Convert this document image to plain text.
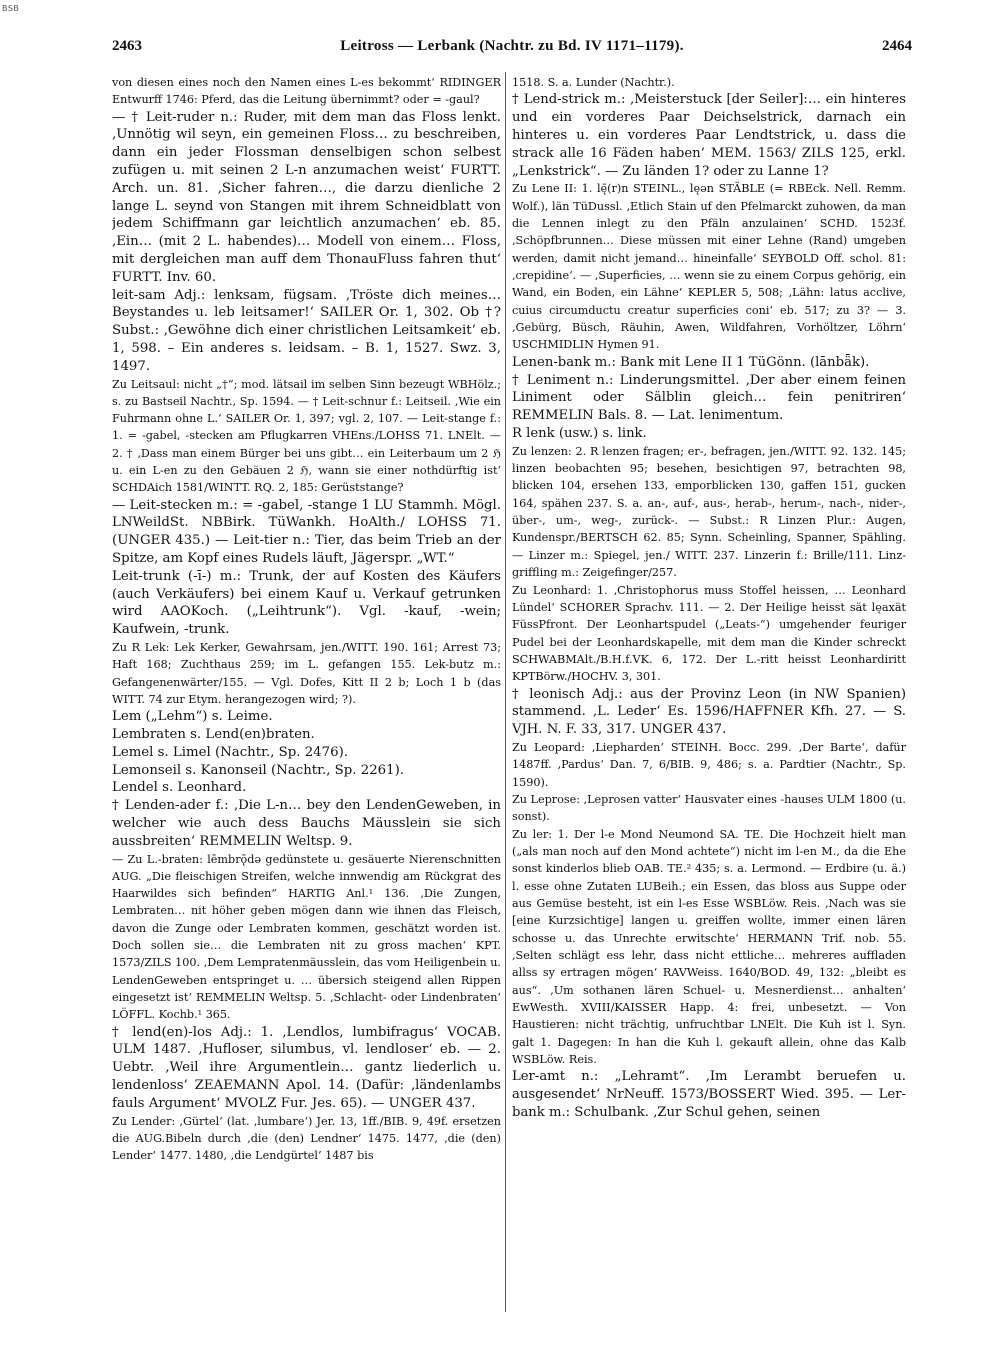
BSB
2463	Leitross — Lerbank (Nachtr. zu Bd. IV 1171–1179).	2464

von diesen eines noch den Namen eines L-es bekommt‘ RIDINGER Entwurff 1746: Pferd, das die Leitung übernimmt? oder = -gaul?

— † Leit-ruder n.: Ruder, mit dem man das Floss lenkt. ‚Unnötig wil seyn, ein gemeinen Floss… zu beschreiben, dann ein jeder Flossman denselbigen schon selbest zufügen u. mit seinen 2 L-n anzumachen weist‘ FURTT. Arch. un. 81. ‚Sicher fahren…, die darzu dienliche 2 lange L. seynd von Stangen mit ihrem Schneidblatt von jedem Schiffmann gar leichtlich anzumachen‘ eb. 85. ‚Ein… (mit 2 L. habendes)… Modell von einem… Floss, mit dergleichen man auff dem ThonauFluss fahren thut‘ FURTT. Inv. 60.

leit-sam Adj.: lenksam, fügsam. ‚Tröste dich meines… Beystandes u. leb leitsamer!‘ SAILER Or. 1, 302. Ob †? Subst.: ‚Gewöhne dich einer christlichen Leitsamkeit‘ eb. 1, 598. – Ein anderes s. leidsam. – B. 1, 1527. Swz. 3, 1497.

Zu Leitsaul: nicht „†“; mod. lätsail im selben Sinn bezeugt WBHölz.; s. zu Bastseil Nachtr., Sp. 1594. — † Leit-schnur f.: Leitseil. ‚Wie ein Fuhrmann ohne L.‘ SAILER Or. 1, 397; vgl. 2, 107. — Leit-stange f.: 1. = -gabel, -stecken am Pflugkarren VHEns./LOHSS 71. LNElt. — 2. † ‚Dass man einem Bürger bei uns gibt… ein Leiterbaum um 2 ℌ u. ein L-en zu den Gebäuen 2 ℌ, wann sie einer nothdürftig ist‘ SCHDAich 1581/WINTT. RQ. 2, 185: Gerüststange?

— Leit-stecken m.: = -gabel, -stange 1 LU Stammh. Mögl. LNWeildSt. NBBirk. TüWankh. HoAlth./ LOHSS 71. (UNGER 435.) — Leit-tier n.: Tier, das beim Trieb an der Spitze, am Kopf eines Rudels läuft, Jägerspr. „WT.“

Leit-trunk (-ī-) m.: Trunk, der auf Kosten des Käufers (auch Verkäufers) bei einem Kauf u. Verkauf getrunken wird AAOKoch. („Leihtrunk“). Vgl. -kauf, -wein; Kaufwein, -trunk.

Zu R Lek: Lek Kerker, Gewahrsam, jen./WITT. 190. 161; Arrest 73; Haft 168; Zuchthaus 259; im L. gefangen 155. Lek-butz m.: Gefangenenwärter/155. — Vgl. Dofes, Kitt II 2 b; Loch 1 b (das WITT. 74 zur Etym. herangezogen wird; ?).

Lem („Lehm“) s. Leime.

Lembraten s. Lend(en)braten.

Lemel s. Limel (Nachtr., Sp. 2476).

Lemonseil s. Kanonseil (Nachtr., Sp. 2261).

Lendel s. Leonhard.

† Lenden-ader f.: ‚Die L-n… bey den LendenGeweben, in welcher wie auch dess Bauchs Mäusslein sie sich aussbreiten‘ REMMELIN Weltsp. 9.

— Zu L.-braten: lēmbrǭdə gedünstete u. gesäuerte Nierenschnitten AUG. „Die fleischigen Streifen, welche innwendig am Rückgrat des Haarwildes sich befinden“ HARTIG Anl.¹ 136. ‚Die Zungen, Lembraten… nit höher geben mögen dann wie ihnen das Fleisch, davon die Zunge oder Lembraten kommen, geschätzt worden ist. Doch sollen sie… die Lembraten nit zu gross machen‘ KPT. 1573/ZILS 100. ‚Dem Lempratenmäusslein, das vom Heiligenbein u. LendenGeweben entspringet u. … übersich steigend allen Rippen eingesetzt ist‘ REMMELIN Weltsp. 5. ‚Schlacht- oder Lindenbraten‘ LÖFFL. Kochb.¹ 365.

† lend(en)-los Adj.: 1. ‚Lendlos, lumbifragus‘ VOCAB. ULM 1487. ‚Hufloser, silumbus, vl. lendloser‘ eb. — 2. Uebtr. ‚Weil ihre Argumentlein… gantz liederlich u. lendenloss‘ ZEAEMANN Apol. 14. (Dafür: ‚ländenlambs fauls Argument‘ MVOLZ Fur. Jes. 65). — UNGER 437.

Zu Lender: ‚Gürtel‘ (lat. ‚lumbare‘) Jer. 13, 1ff./BIB. 9, 49f. ersetzen die AUG.Bibeln durch ‚die (den) Lendner‘ 1475. 1477, ‚die (den) Lender‘ 1477. 1480, ‚die Lendgürtel‘ 1487 bis

1518. S. a. Lunder (Nachtr.).

† Lend-strick m.: ‚Meisterstuck [der Seiler]:… ein hinteres und ein vorderes Paar Deichselstrick, darnach ein hinteres u. ein vorderes Paar Lendtstrick, u. dass die strack alle 16 Fäden haben‘ MEM. 1563/ ZILS 125, erkl. „Lenkstrick“. — Zu länden 1? oder zu Lanne 1?

Zu Lene II: 1. lę̄(r)n STEINL., lęən STÄBLE (= RBEck. Nell. Remm. Wolf.), län TüDussl. ‚Etlich Stain uf den Pfelmarckt zuhowen, da man die Lennen inlegt zu den Pfäln anzulainen‘ SCHD. 1523f. ‚Schöpfbrunnen… Diese müssen mit einer Lehne (Rand) umgeben werden, damit nicht jemand… hineinfalle‘ SEYBOLD Off. schol. 81: ‚crepidine‘. — ‚Superficies, … wenn sie zu einem Corpus gehörig, ein Wand, ein Boden, ein Lähne‘ KEPLER 5, 508; ‚Lähn: latus acclive, cuius circumductu creatur superficies coni‘ eb. 517; zu 3? — 3. ‚Gebürg, Büsch, Räuhin, Awen, Wildfahren, Vorhöltzer, Löhrn‘ USCHMIDLIN Hymen 91.

Lenen-bank m.: Bank mit Lene II 1 TüGönn. (lānbǟk).

† Leniment n.: Linderungsmittel. ‚Der aber einem feinen Liniment oder Sälblin gleich… fein penitriren‘ REMMELIN Bals. 8. — Lat. lenimentum.

R lenk (usw.) s. link.

Zu lenzen: 2. R lenzen fragen; er-, befragen, jen./WITT. 92. 132. 145; linzen beobachten 95; besehen, besichtigen 97, betrachten 98, blicken 104, ersehen 133, emporblicken 130, gaffen 151, gucken 164, spähen 237. S. a. an-, auf-, aus-, herab-, herum-, nach-, nider-, über-, um-, weg-, zurück-. — Subst.: R Linzen Plur.: Augen, Kundenspr./BERTSCH 62. 85; Synn. Scheinling, Spanner, Spähling. — Linzer m.: Spiegel, jen./ WITT. 237. Linzerin f.: Brille/111. Linz-griffling m.: Zeigefinger/257.

Zu Leonhard: 1. ‚Christophorus muss Stoffel heissen, … Leonhard Lündel‘ SCHORER Sprachv. 111. — 2. Der Heilige heisst sät lęaxät FüssPfront. Der Leonhartspudel („Leats-“) umgehender feuriger Pudel bei der Leonhardskapelle, mit dem man die Kinder schreckt SCHWABMAlt./B.H.f.VK. 6, 172. Der L.-ritt heisst Leonhardiritt KPTBörw./HOCHV. 3, 301.

† leonisch Adj.: aus der Provinz Leon (in NW Spanien) stammend. ‚L. Leder‘ Es. 1596/HAFFNER Kfh. 27. — S. VJH. N. F. 33, 317. UNGER 437.

Zu Leopard: ‚Liepharden‘ STEINH. Bocc. 299. ‚Der Barte‘, dafür 1487ff. ‚Pardus‘ Dan. 7, 6/BIB. 9, 486; s. a. Pardtier (Nachtr., Sp. 1590).

Zu Leprose: ‚Leprosen vatter‘ Hausvater eines -hauses ULM 1800 (u. sonst).

Zu ler: 1. Der l-e Mond Neumond SA. TE. Die Hochzeit hielt man („als man noch auf den Mond achtete“) nicht im l-en M., da die Ehe sonst kinderlos blieb OAB. TE.² 435; s. a. Lermond. — Erdbire (u. ä.) l. esse ohne Zutaten LUBeih.; ein Essen, das bloss aus Suppe oder aus Gemüse besteht, ist ein l-es Esse WSBLöw. Reis. ‚Nach was sie [eine Kurzsichtige] langen u. greiffen wollte, immer einen lären schosse u. das Unrechte erwitschte‘ HERMANN Trif. nob. 55. ‚Selten schlägt ess lehr, dass nicht ettliche… mehreres auffladen allss sy ertragen mögen‘ RAVWeiss. 1640/BOD. 49, 132: „bleibt es aus“. ‚Um sothanen lären Schuel- u. Mesnerdienst… anhalten‘ EwWesth. XVIII/KAISSER Happ. 4: frei, unbesetzt. — Von Haustieren: nicht trächtig, unfruchtbar LNElt. Die Kuh ist l. Syn. galt 1. Dagegen: In han die Kuh l. gekauft allein, ohne das Kalb WSBLöw. Reis.

Ler-amt n.: „Lehramt“. ‚Im Lerambt beruefen u. ausgesendet‘ NrNeuff. 1573/BOSSERT Wied. 395. — Ler-bank m.: Schulbank. ‚Zur Schul gehen, seinen
